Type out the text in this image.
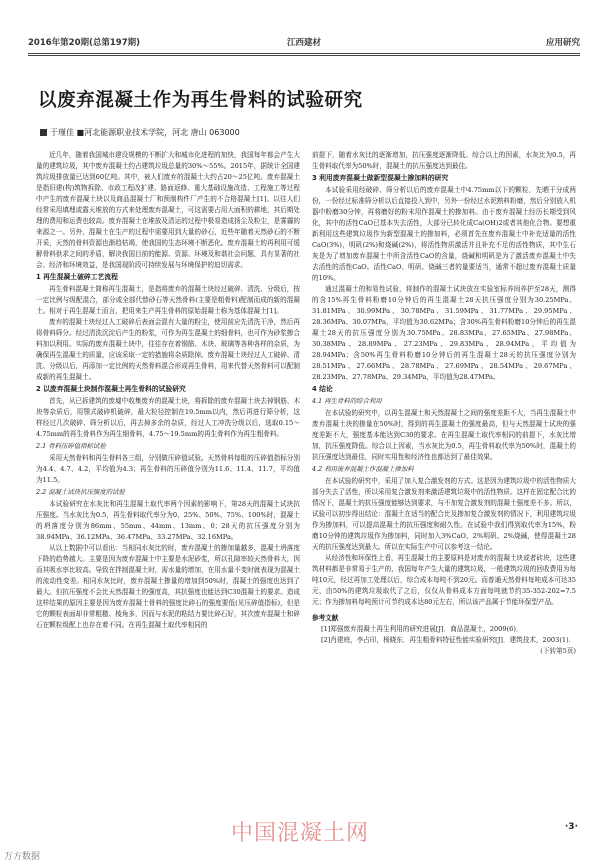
2016年第20期(总第197期)	江西建材	应用研究
以废弃混凝土作为再生骨料的试验研究
于瑾佳 ■河北能源职业技术学院，河北 唐山 063000

近几年，随着我国城市建设规模的不断扩大和城市化进程的加快，我国每年都会产生大量的建筑垃圾，其中废弃混凝土约占建筑垃圾总量的30%～55%。2015年，据统计全国建筑垃圾排放量已达到60亿吨。其中，被人们废弃的混凝土大约占20～25亿吨。废弃混凝土是指旧建(构)筑物拆除、市政工程改扩建、路面返修、重大基础设施改造、工程施工等过程中产生的废弃混凝土块以及商品混凝土厂和预制构件厂产生的不合格混凝土[1]。以往人们经常采用填埋或露天堆放的方式来处理废弃混凝土，可这需要占用大面积的耕地，其后期处理的费用和运费也较高。废弃混凝土在堆放及清运的过程中极易造成扬尘及粉尘，是雾霾的来源之一。另外，混凝土在生产的过程中需要用到大量的砂石，近些年随着天然砂石的不断开采，天然的骨料资源也渐趋枯竭，使我国的生态环境不断恶化。废弃混凝土的再利用可缓解骨料供求之间的矛盾，解决我国目前的能源、资源、环境及和谐社会问题，具有显著的社会、经济和环境效益，是我国现阶段可持续发展与环境保护的迫切需求。

1 再生混凝土破碎工艺流程

再生骨料混凝土简称再生混凝土，是指将废弃的混凝土块经过破碎、清洗、分级后，按一定比例与级配混合，部分或全部代替砂石等天然骨料(主要是粗骨料)配制而成的新的混凝土。相对于再生混凝土而言，把用来生产再生骨料的原始混凝土称为基体混凝土[1]。

废弃的混凝土块经过人工破碎后表面会混有大量的粉尘，使用前应先清洗干净，然后再将骨料筛分。经过清洗沉淀后产生的粉浆，可作为再生混凝土的细骨料，也可作为砂浆掺合料加以利用。实际的废弃混凝土块中，往往存在着钢筋、木块、玻璃等各种各样的杂质，为确保再生混凝土的质量，应该采取一定的措施将杂质除掉。废弃混凝土块经过人工破碎、清洗、分级以后，再添加一定比例的天然骨料混合形成再生骨料，用来代替天然骨料可以配制成新的再生混凝土。

2 以废弃混凝土块制作混凝土再生骨料的试验研究

首先，从已拆建筑的废墟中收集废弃的混凝土块，将拆除的废弃混凝土块去掉钢筋、木块等杂质后，用颚式破碎机破碎，最大粒径控制在19.5mm以内，然后再进行筛分析，这样经过几次破碎、筛分析以后，再去掉多余的杂质，经过人工冲洗分级以后，选取0.15～4.75mm的再生骨料作为再生细骨料，4.75～19.5mm的再生骨料作为再生粗骨料。

2.1 骨料压碎值指标试验

采用天然骨料和再生骨料各三组，分别做压碎值试验。天然骨料每组的压碎值指标分别为4.4、4.7、4.2，平均值为4.3；再生骨料的压碎值分别为11.6、11.4、11.7，平均值为11.5。

2.2 混凝土试块抗压强度的试验

本试验研究在水灰比和再生混凝土取代率两个因素的影响下，第28天的混凝土试块抗压强度。当水灰比为0.5，再生骨料取代率分为0、25%、50%、75%、100%时，混凝土的坍落度分别为86mm、55mm、44mm、13mm、0；28天的抗压强度分别为38.94MPa、36.12MPa、36.47MPa、33.27MPa、32.16MPa。

从以上数据中可以看出：当相同水灰比的时，废弃混凝土的掺加量越多，混凝土坍落度下降的趋势越大。主要是因为废弃混凝土中主要是水泥砂浆，所以孔隙率较天然骨料大，因而其吸水率比较高。导致在拌制混凝土时，需水量的增加，在用水量不变时就表现为混凝土的流动性变差。相同水灰比时，废弃混凝土掺量的增加到50%时，混凝土的强度也达到了最大。但抗压强度不会比天然混凝土的强度高，其抗强度也能达到C30混凝土的要求。造成这样结果的原因主要是因为废弃混凝土骨料的强度比碎石的强度要低(见压碎值指标)，但是它的颗粒表面却非常粗糙、棱角多，因而与水泥的粘结力要比碎石好，其次废弃混凝土和碎石在颗粒级配上也存在着不同。在再生混凝土取代率相同的

前提下，随着水灰比的逐渐增加，抗压强度逐渐降低。综合以上的因素，水灰比为0.5，再生骨料取代率为50%时，混凝土的抗压强度达到最佳。

3 利用废弃混凝土做新型混凝土掺加料的研究

本试验采用经破碎、筛分析以后的废弃混凝土中4.75mm以下的颗粒，先晒干分成两份，一份经过标准筛分析以后直接投入到中，另外一份经过水泥熟料粉磨，然后分别放入机器中粉磨30分钟，再将磨好的粉末用作混凝土的掺加料。由于废弃混凝土经历长期受到风化，其中的活性CaO已基本失去活性，大部分已转化成Ca(OH)2或者其他化合物。要想重新利用这些建筑垃圾作为新型混凝土的掺加料，必须首先在废弃混凝土中补充适量的活性CaO(3%)，明矾(2%)和烧碱(2%)，将活性物质激活并且补充不足的活性物质，其中生石灰是为了增加废弃混凝土中所含活性CaO的含量，烧碱和明矾是为了激活废弃混凝土中失去活性的活性CaO。活性CaO、明矾、烧碱三者的量要适当，通常不超过废弃混凝土质量的10%。

通过混凝土的和易性试验，将制作的混凝土试块放在实验室标养间养护至28天，测得的含15%再生骨料粉磨10分钟后的再生混凝土28天抗压强度分别为30.25MPa、31.81MPa、30.99MPa、30.78MPa、31.59MPa、31.77MPa、29.95MPa、28.36MPa、30.07MPa，平均值为30.62MPa；含30%再生骨料粉磨10分钟后的再生混凝土28天的抗压强度分别为30.75MPa、28.83MPa、27.65MPa、27.98MPa、30.38MPa、28.89MPa、27.23MPa、29.83MPa、28.94MPa，平均值为28.94MPa；含50%再生骨料粉磨10分钟后的再生混凝土28天的抗压强度分别为28.51MPa、27.66MPa、28.78MPa、27.69MPa、28.54MPa、29.67MPa、28.23MPa、27.78MPa、29.34MPa，平均值为28.47MPa。

4 结论
4.1 再生骨料的综合利用

在本试验的研究中，以再生混凝土和天然混凝土之间的强度差距不大，当再生混凝土中废弃混凝土块的掺量在50%时，得到的再生混凝土的强度最高，但与天然混凝土试块的强度差距不大，强度基本能达到C30的要求。在再生混凝土取代率相同的前提下，水灰比增加，抗压强度降低。综合以上因素，当水灰比为0.5，再生骨料取代率为50%时，混凝土的抗压强度达到最佳，同时实用性和经济性也都达到了最佳效果。

4.2 利用废弃混凝土作混凝土掺加料

在本试验的研究中，采用了加入复合激发剂的方式。这是因为建筑垃圾中的活性物质大部分失去了活性，所以采用复合激发剂来激活建筑垃圾中的活性物质。这样在固定配合比的情况下，混凝土的抗压强度能够达到要求，与不加复合激发剂的混凝土强度差不多。所以，试验可以初步得出结论：混凝土在适当的配合比及掺加复合激发剂的情况下，利用建筑垃圾作为掺加料，可以提高混凝土的抗压强度和耐久性。在试验中我们得到取代率为15%，粉磨10分钟的建筑垃圾作为掺加料，同时加入3%CaO、2%明矾、2%烧碱，使得混凝土28天的抗压强度达到最大。所以在实际生产中可以参考这一结论。

从经济性和环保性上看，再生混凝土的主要原料是对废弃的混凝土块或者砖块，这些建筑材料都是非常易于生产的，我国每年产生大量的建筑垃圾，一般建筑垃圾的回收费用为每吨10元，经过再加工处理以后，综合成本每吨不到20元。而普通天然骨料每吨成本可达35元，由50%的建筑垃圾取代了之后，仅仅从骨料成本方面每吨就节约35-352-202=7.5元；作为掺加料每吨预计可节约成本达80元左右，所以该产品属于节能环保型产品。

参考文献

[1]郑强废弃混凝土再生利用的研究进展[J]．商品混凝土，2009(6)．

[2]肖建庭，李占印，杨晓东．再生粗骨料特征性能实验研究[J]．建筑技术，2003(1)．

(下转第5页)

·3·
中国混凝土网
万方数据
